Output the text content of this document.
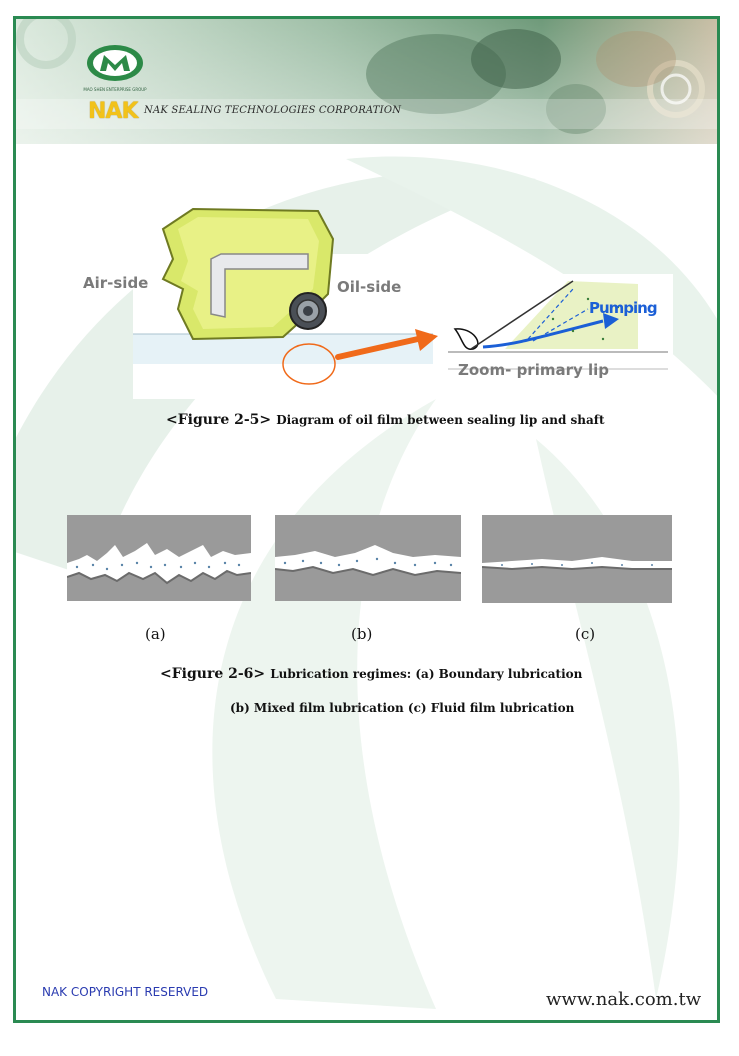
MAO SHEN ENTERPRISE GROUP
NAK NAK SEALING TECHNOLOGIES CORPORATION
Air-side	Oil-side
Pumping
Zoom- primary lip
<Figure 2-5> Diagram of oil film between sealing lip and shaft
(a)	(b)	(c)
<Figure 2-6> Lubrication regimes: (a) Boundary lubrication
(b) Mixed film lubrication (c) Fluid film lubrication
NAK COPYRIGHT RESERVED	www.nak.com.tw
